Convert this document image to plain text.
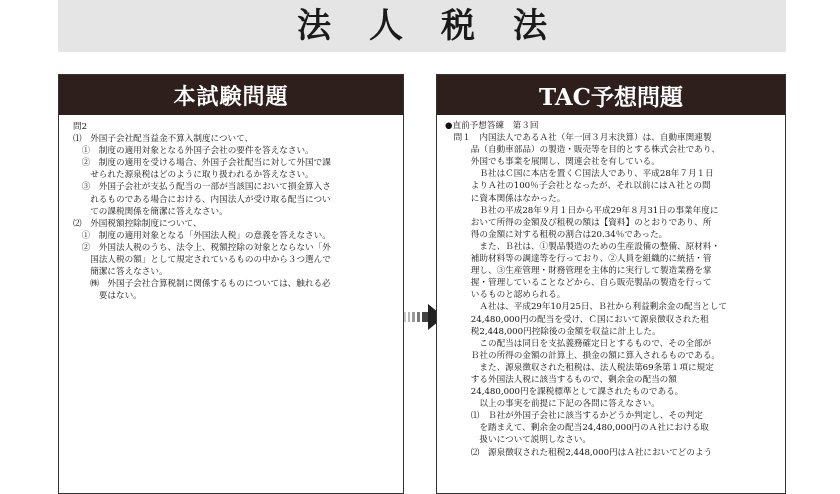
法人税法
本試験問題
問2
⑴　外国子会社配当益金不算入制度について、
　①　制度の適用対象となる外国子会社の要件を答えなさい。
　②　制度の適用を受ける場合、外国子会社配当に対して外国で課
　　せられた源泉税はどのように取り扱われるか答えなさい。
　③　外国子会社が支払う配当の一部が当該国において損金算入さ
　　れるものである場合における、内国法人が受け取る配当につい
　　ての課税関係を簡潔に答えなさい。
⑵　外国税額控除制度について、
　①　制度の適用対象となる「外国法人税」の意義を答えなさい。
　②　外国法人税のうち、法令上、税額控除の対象とならない「外
　　国法人税の額」として規定されているものの中から３つ選んで
　　簡潔に答えなさい。
　　㈱　外国子会社合算税制に関係するものについては、触れる必
　　　要はない。
TAC予想問題
●直前予想答練　第３回
　問１　内国法人であるＡ社（年一回３月末決算）は、自動車関連製
　　　品（自動車部品）の製造・販売等を目的とする株式会社であり、
　　　外国でも事業を展開し、関連会社を有している。
　　　　Ｂ社はＣ国に本店を置くＣ国法人であり、平成28年７月１日
　　　よりＡ社の100％子会社となったが、それ以前にはＡ社との間
　　　に資本関係はなかった。
　　　　Ｂ社の平成28年９月１日から平成29年８月31日の事業年度に
　　　おいて所得の金額及び租税の額は【資料】のとおりであり、所
　　　得の金額に対する租税の割合は20.34％であった。
　　　　また、Ｂ社は、①製品製造のための生産設備の整備、原材料・
　　　補助材料等の調達等を行っており、②人員を組織的に統括・管
　　　理し、③生産管理・財務管理を主体的に実行して製造業務を掌
　　　握・管理していることなどから、自ら販売製品の製造を行って
　　　いるものと認められる。
　　　　Ａ社は、平成29年10月25日、Ｂ社から利益剰余金の配当として
　　　24,480,000円の配当を受け、Ｃ国において源泉徴収された租
　　　税2,448,000円控除後の金額を収益に計上した。
　　　　この配当は同日を支払義務確定日とするもので、その全部が
　　　Ｂ社の所得の金額の計算上、損金の額に算入されるものである。
　　　　また、源泉徴収された租税は、法人税法第69条第１項に規定
　　　する外国法人税に該当するもので、剰余金の配当の額
　　　24,480,000円を課税標準として課されたものである。
　　　　以上の事実を前提に下記の各問に答えなさい。
　　　⑴　Ｂ社が外国子会社に該当するかどうか判定し、その判定
　　　　を踏まえて、剰余金の配当24,480,000円のＡ社における取
　　　　扱いについて説明しなさい。
　　　⑵　源泉徴収された租税2,448,000円はＡ社においてどのよう
